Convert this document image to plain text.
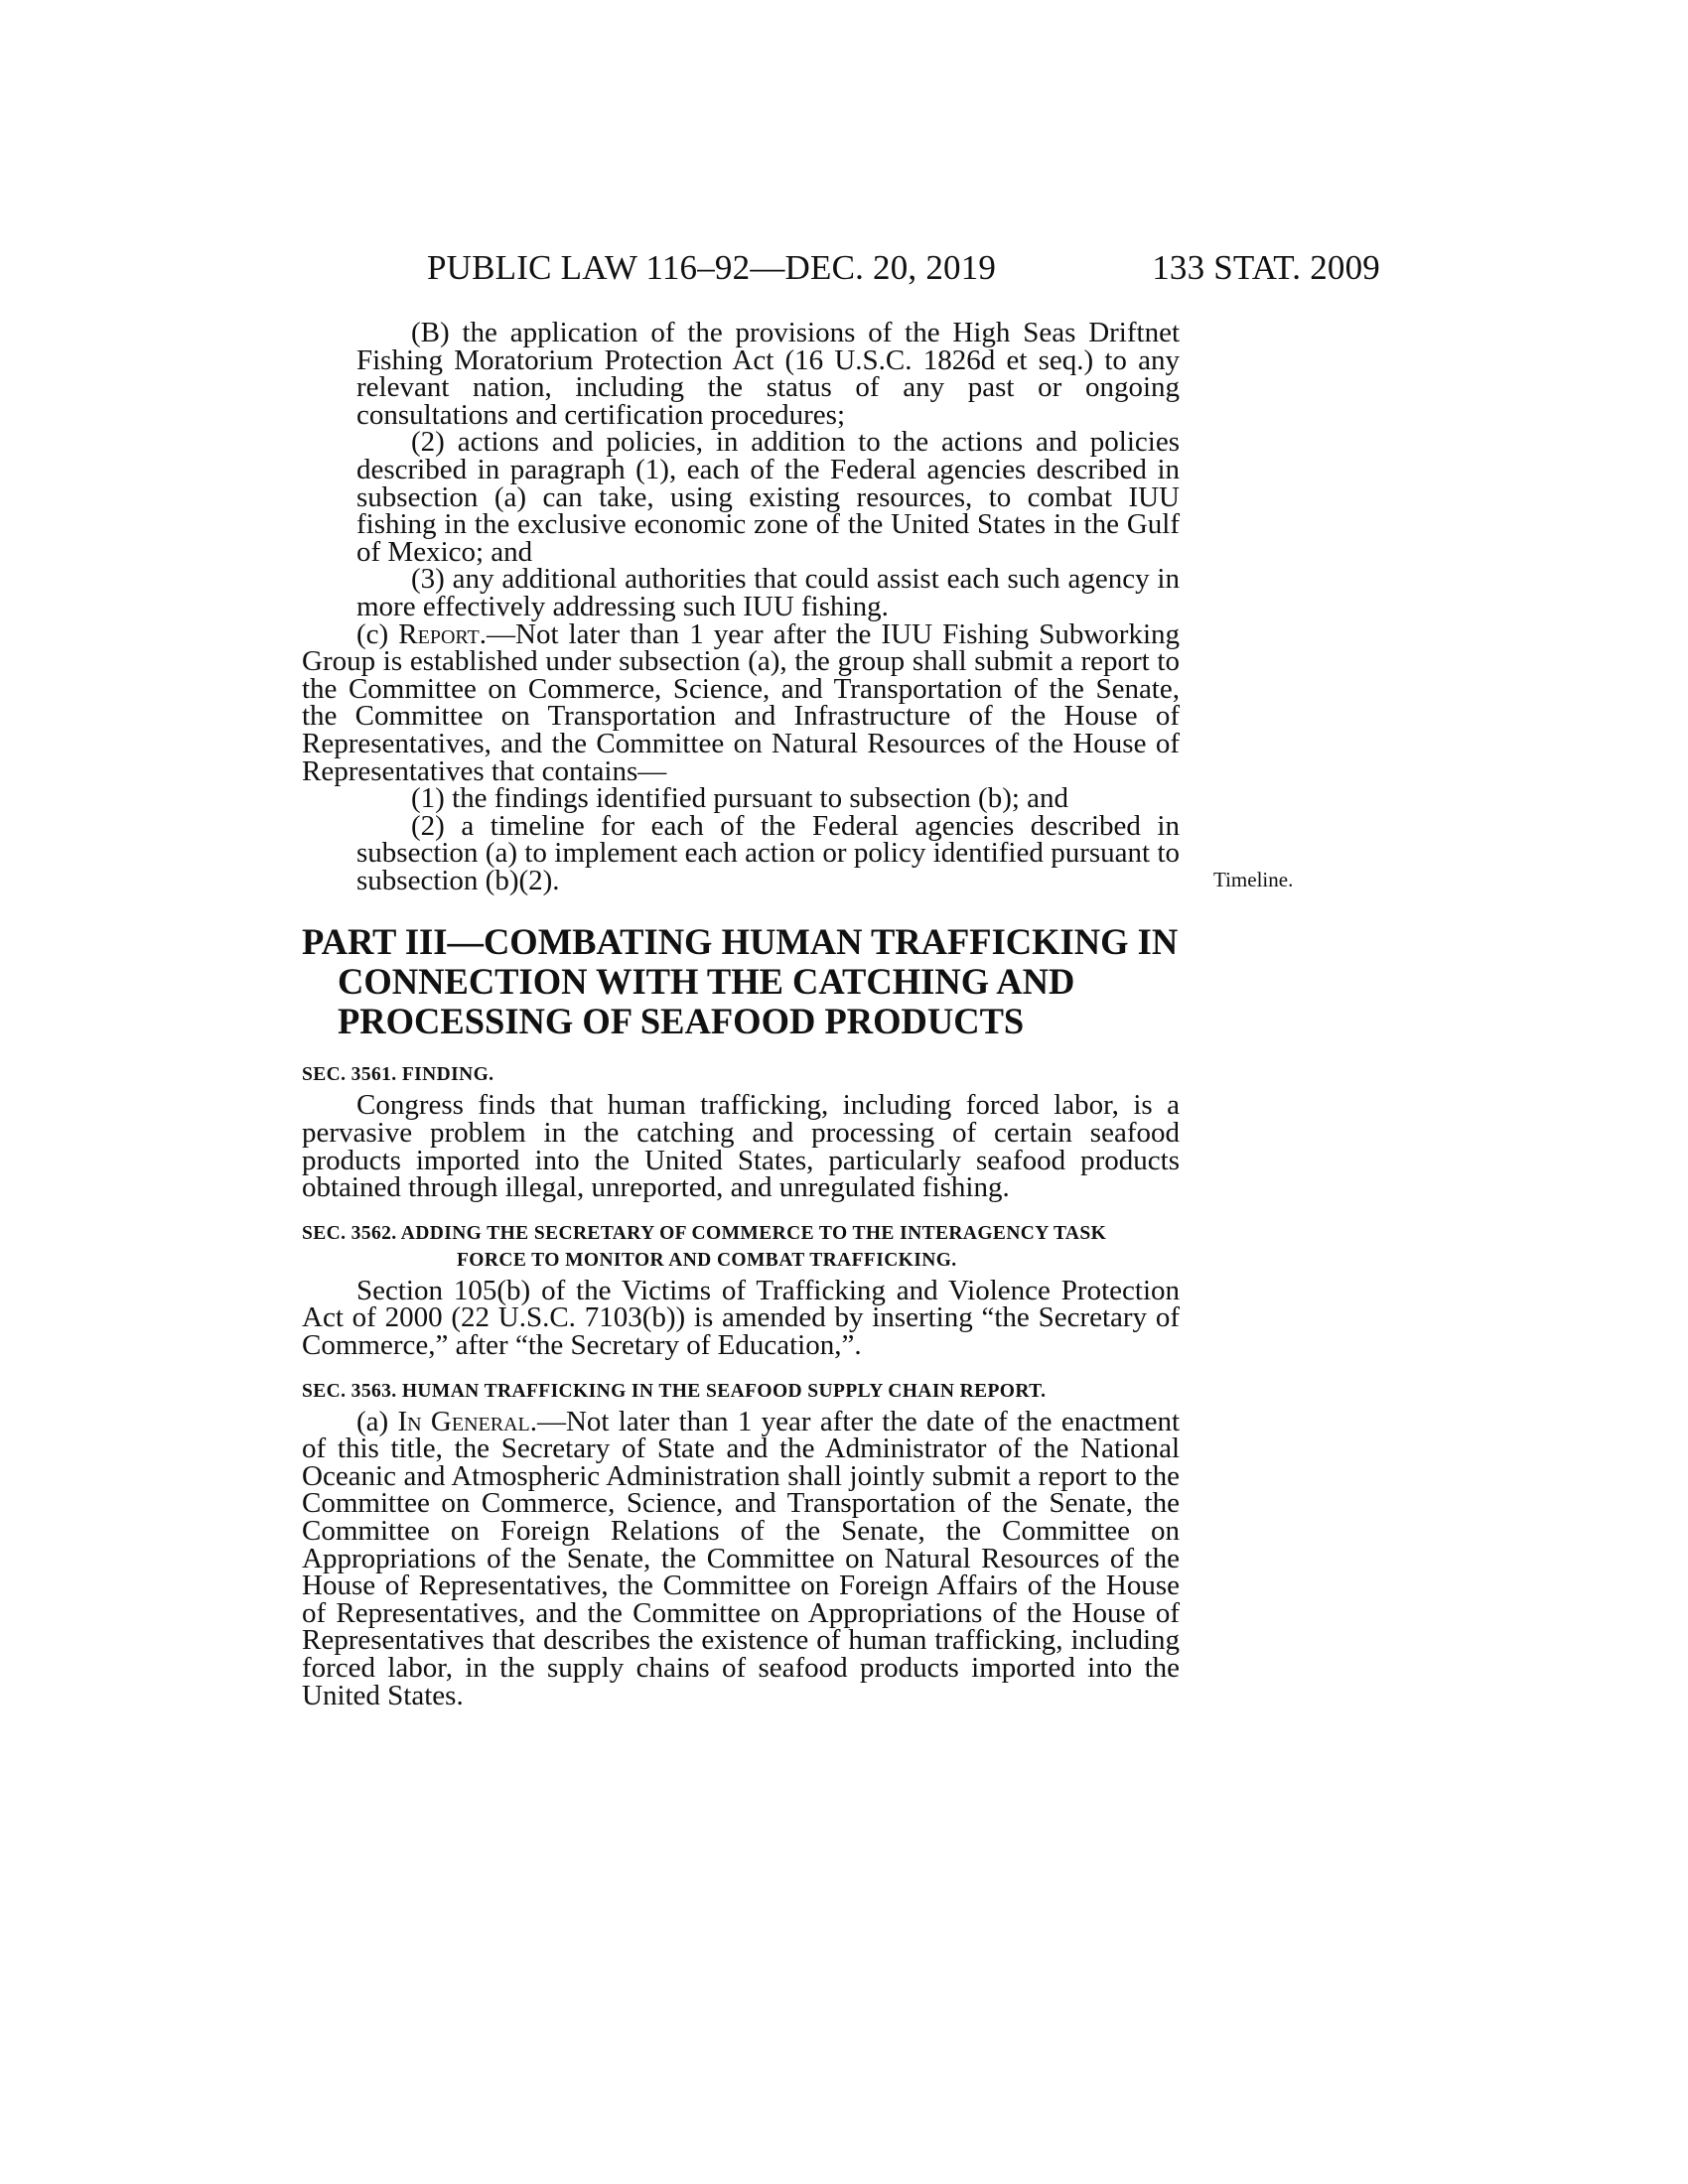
PUBLIC LAW 116–92—DEC. 20, 2019	133 STAT. 2009
Timeline.

(B) the application of the provisions of the High Seas Driftnet Fishing Moratorium Protection Act (16 U.S.C. 1826d et seq.) to any relevant nation, including the status of any past or ongoing consultations and certification procedures;

(2) actions and policies, in addition to the actions and policies described in paragraph (1), each of the Federal agencies described in subsection (a) can take, using existing resources, to combat IUU fishing in the exclusive economic zone of the United States in the Gulf of Mexico; and

(3) any additional authorities that could assist each such agency in more effectively addressing such IUU fishing.

(c) Report.—Not later than 1 year after the IUU Fishing Subworking Group is established under subsection (a), the group shall submit a report to the Committee on Commerce, Science, and Transportation of the Senate, the Committee on Transportation and Infrastructure of the House of Representatives, and the Committee on Natural Resources of the House of Representatives that contains—

(1) the findings identified pursuant to subsection (b); and

(2) a timeline for each of the Federal agencies described in subsection (a) to implement each action or policy identified pursuant to subsection (b)(2).

PART III—COMBATING HUMAN TRAFFICKING IN CONNECTION WITH THE CATCHING AND PROCESSING OF SEAFOOD PRODUCTS
SEC. 3561. FINDING.

Congress finds that human trafficking, including forced labor, is a pervasive problem in the catching and processing of certain seafood products imported into the United States, particularly seafood products obtained through illegal, unreported, and unregulated fishing.

SEC. 3562. ADDING THE SECRETARY OF COMMERCE TO THE INTERAGENCY TASK FORCE TO MONITOR AND COMBAT TRAFFICKING.

Section 105(b) of the Victims of Trafficking and Violence Protection Act of 2000 (22 U.S.C. 7103(b)) is amended by inserting “the Secretary of Commerce,” after “the Secretary of Education,”.

SEC. 3563. HUMAN TRAFFICKING IN THE SEAFOOD SUPPLY CHAIN REPORT.

(a) In General.—Not later than 1 year after the date of the enactment of this title, the Secretary of State and the Administrator of the National Oceanic and Atmospheric Administration shall jointly submit a report to the Committee on Commerce, Science, and Transportation of the Senate, the Committee on Foreign Relations of the Senate, the Committee on Appropriations of the Senate, the Committee on Natural Resources of the House of Representatives, the Committee on Foreign Affairs of the House of Representatives, and the Committee on Appropriations of the House of Representatives that describes the existence of human trafficking, including forced labor, in the supply chains of seafood products imported into the United States.
